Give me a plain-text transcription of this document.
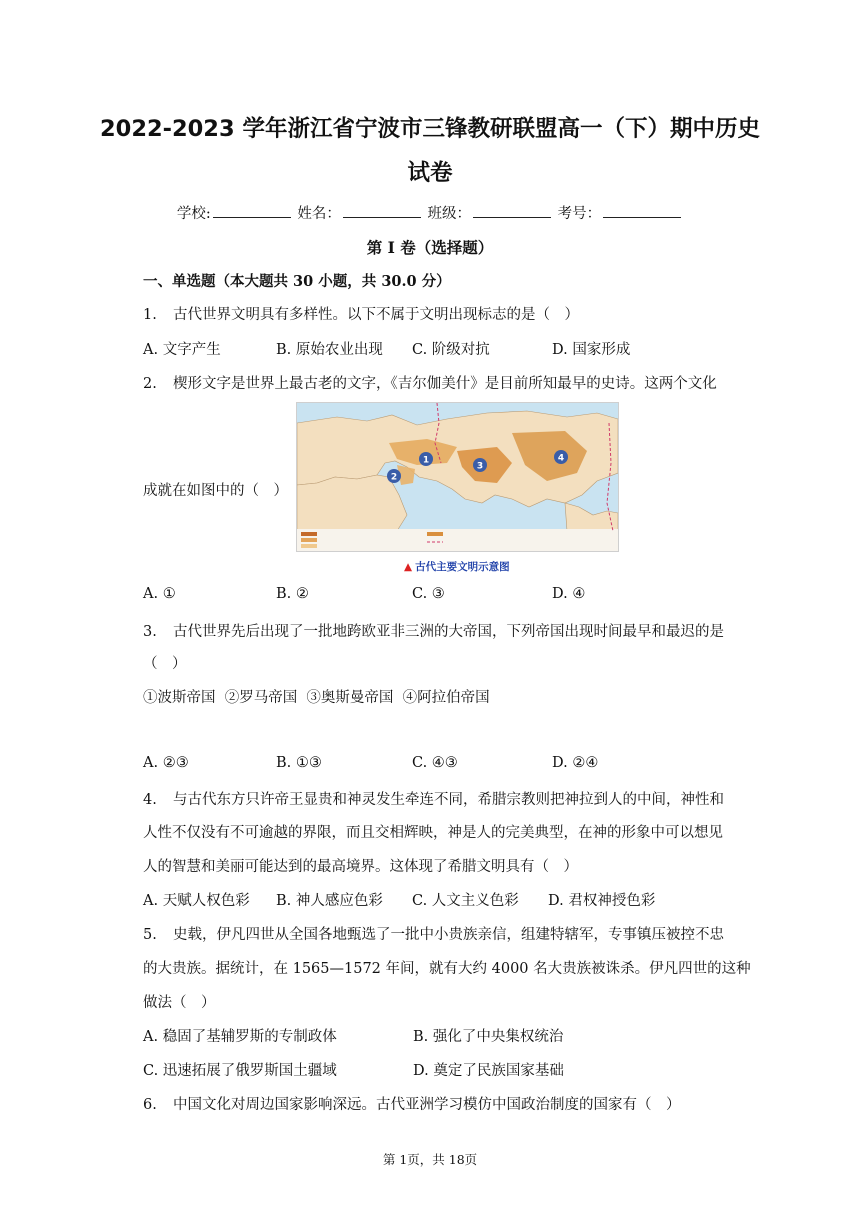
2022-2023 学年浙江省宁波市三锋教研联盟高一（下）期中历史
试卷
学校:	姓名：	班级：	考号：
第 I 卷（选择题）
一、单选题（本大题共 30 小题，共 30.0 分）
1. 古代世界文明具有多样性。以下不属于文明出现标志的是（　）
A. 文字产生	B. 原始农业出现 C. 阶级对抗	D. 国家形成
2. 楔形文字是世界上最古老的文字，《吉尔伽美什》是目前所知最早的史诗。这两个文化
成就在如图中的（　）
1
2
3
4
▲ 古代主要文明示意图
A. ①	B. ②	C. ③	D. ④
3. 古代世界先后出现了一批地跨欧亚非三洲的大帝国，下列帝国出现时间最早和最迟的是
（　）
①波斯帝国  ②罗马帝国  ③奥斯曼帝国  ④阿拉伯帝国
A. ②③	B. ①③	C. ④③	D. ②④
4. 与古代东方只许帝王显贵和神灵发生牵连不同，希腊宗教则把神拉到人的中间，神性和
人性不仅没有不可逾越的界限，而且交相辉映，神是人的完美典型，在神的形象中可以想见
人的智慧和美丽可能达到的最高境界。这体现了希腊文明具有（　）
A. 天赋人权色彩 B. 神人感应色彩 C. 人文主义色彩 D. 君权神授色彩
5. 史载，伊凡四世从全国各地甄选了一批中小贵族亲信，组建特辖军，专事镇压被控不忠
的大贵族。据统计，在 1565—1572 年间，就有大约 4000 名大贵族被诛杀。伊凡四世的这种
做法（　）
A. 稳固了基辅罗斯的专制政体	B. 强化了中央集权统治
C. 迅速拓展了俄罗斯国土疆域	D. 奠定了民族国家基础
6. 中国文化对周边国家影响深远。古代亚洲学习模仿中国政治制度的国家有（　）
第 1页，共 18页
